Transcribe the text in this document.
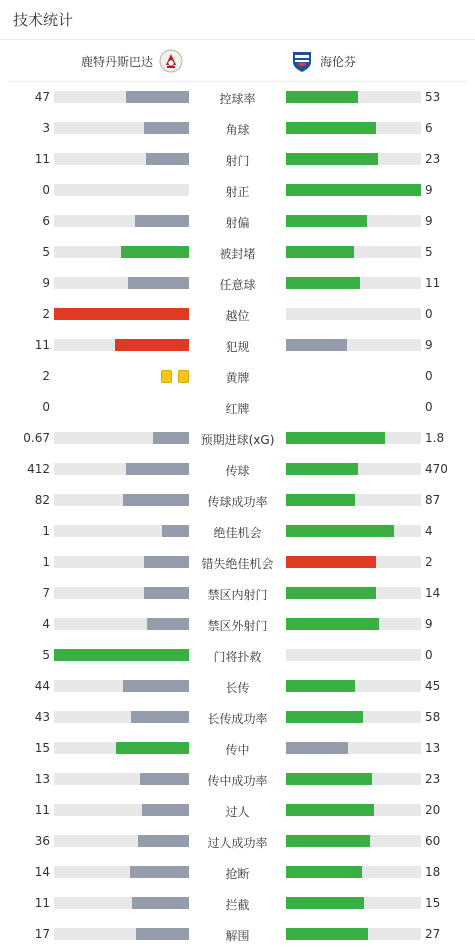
技术统计
鹿特丹斯巴达	海伦芬
47	控球率	53
3	角球	6
11	射门	23
0	射正	9
6	射偏	9
5	被封堵	5
9	任意球	11
2	越位	0
11	犯规	9
2	黄牌	0
0	红牌	0
0.67	预期进球(xG)	1.8
412	传球	470
82	传球成功率	87
1	绝佳机会	4
1	错失绝佳机会	2
7	禁区内射门	14
4	禁区外射门	9
5	门将扑救	0
44	长传	45
43	长传成功率	58
15	传中	13
13	传中成功率	23
11	过人	20
36	过人成功率	60
14	抢断	18
11	拦截	15
17	解围	27
